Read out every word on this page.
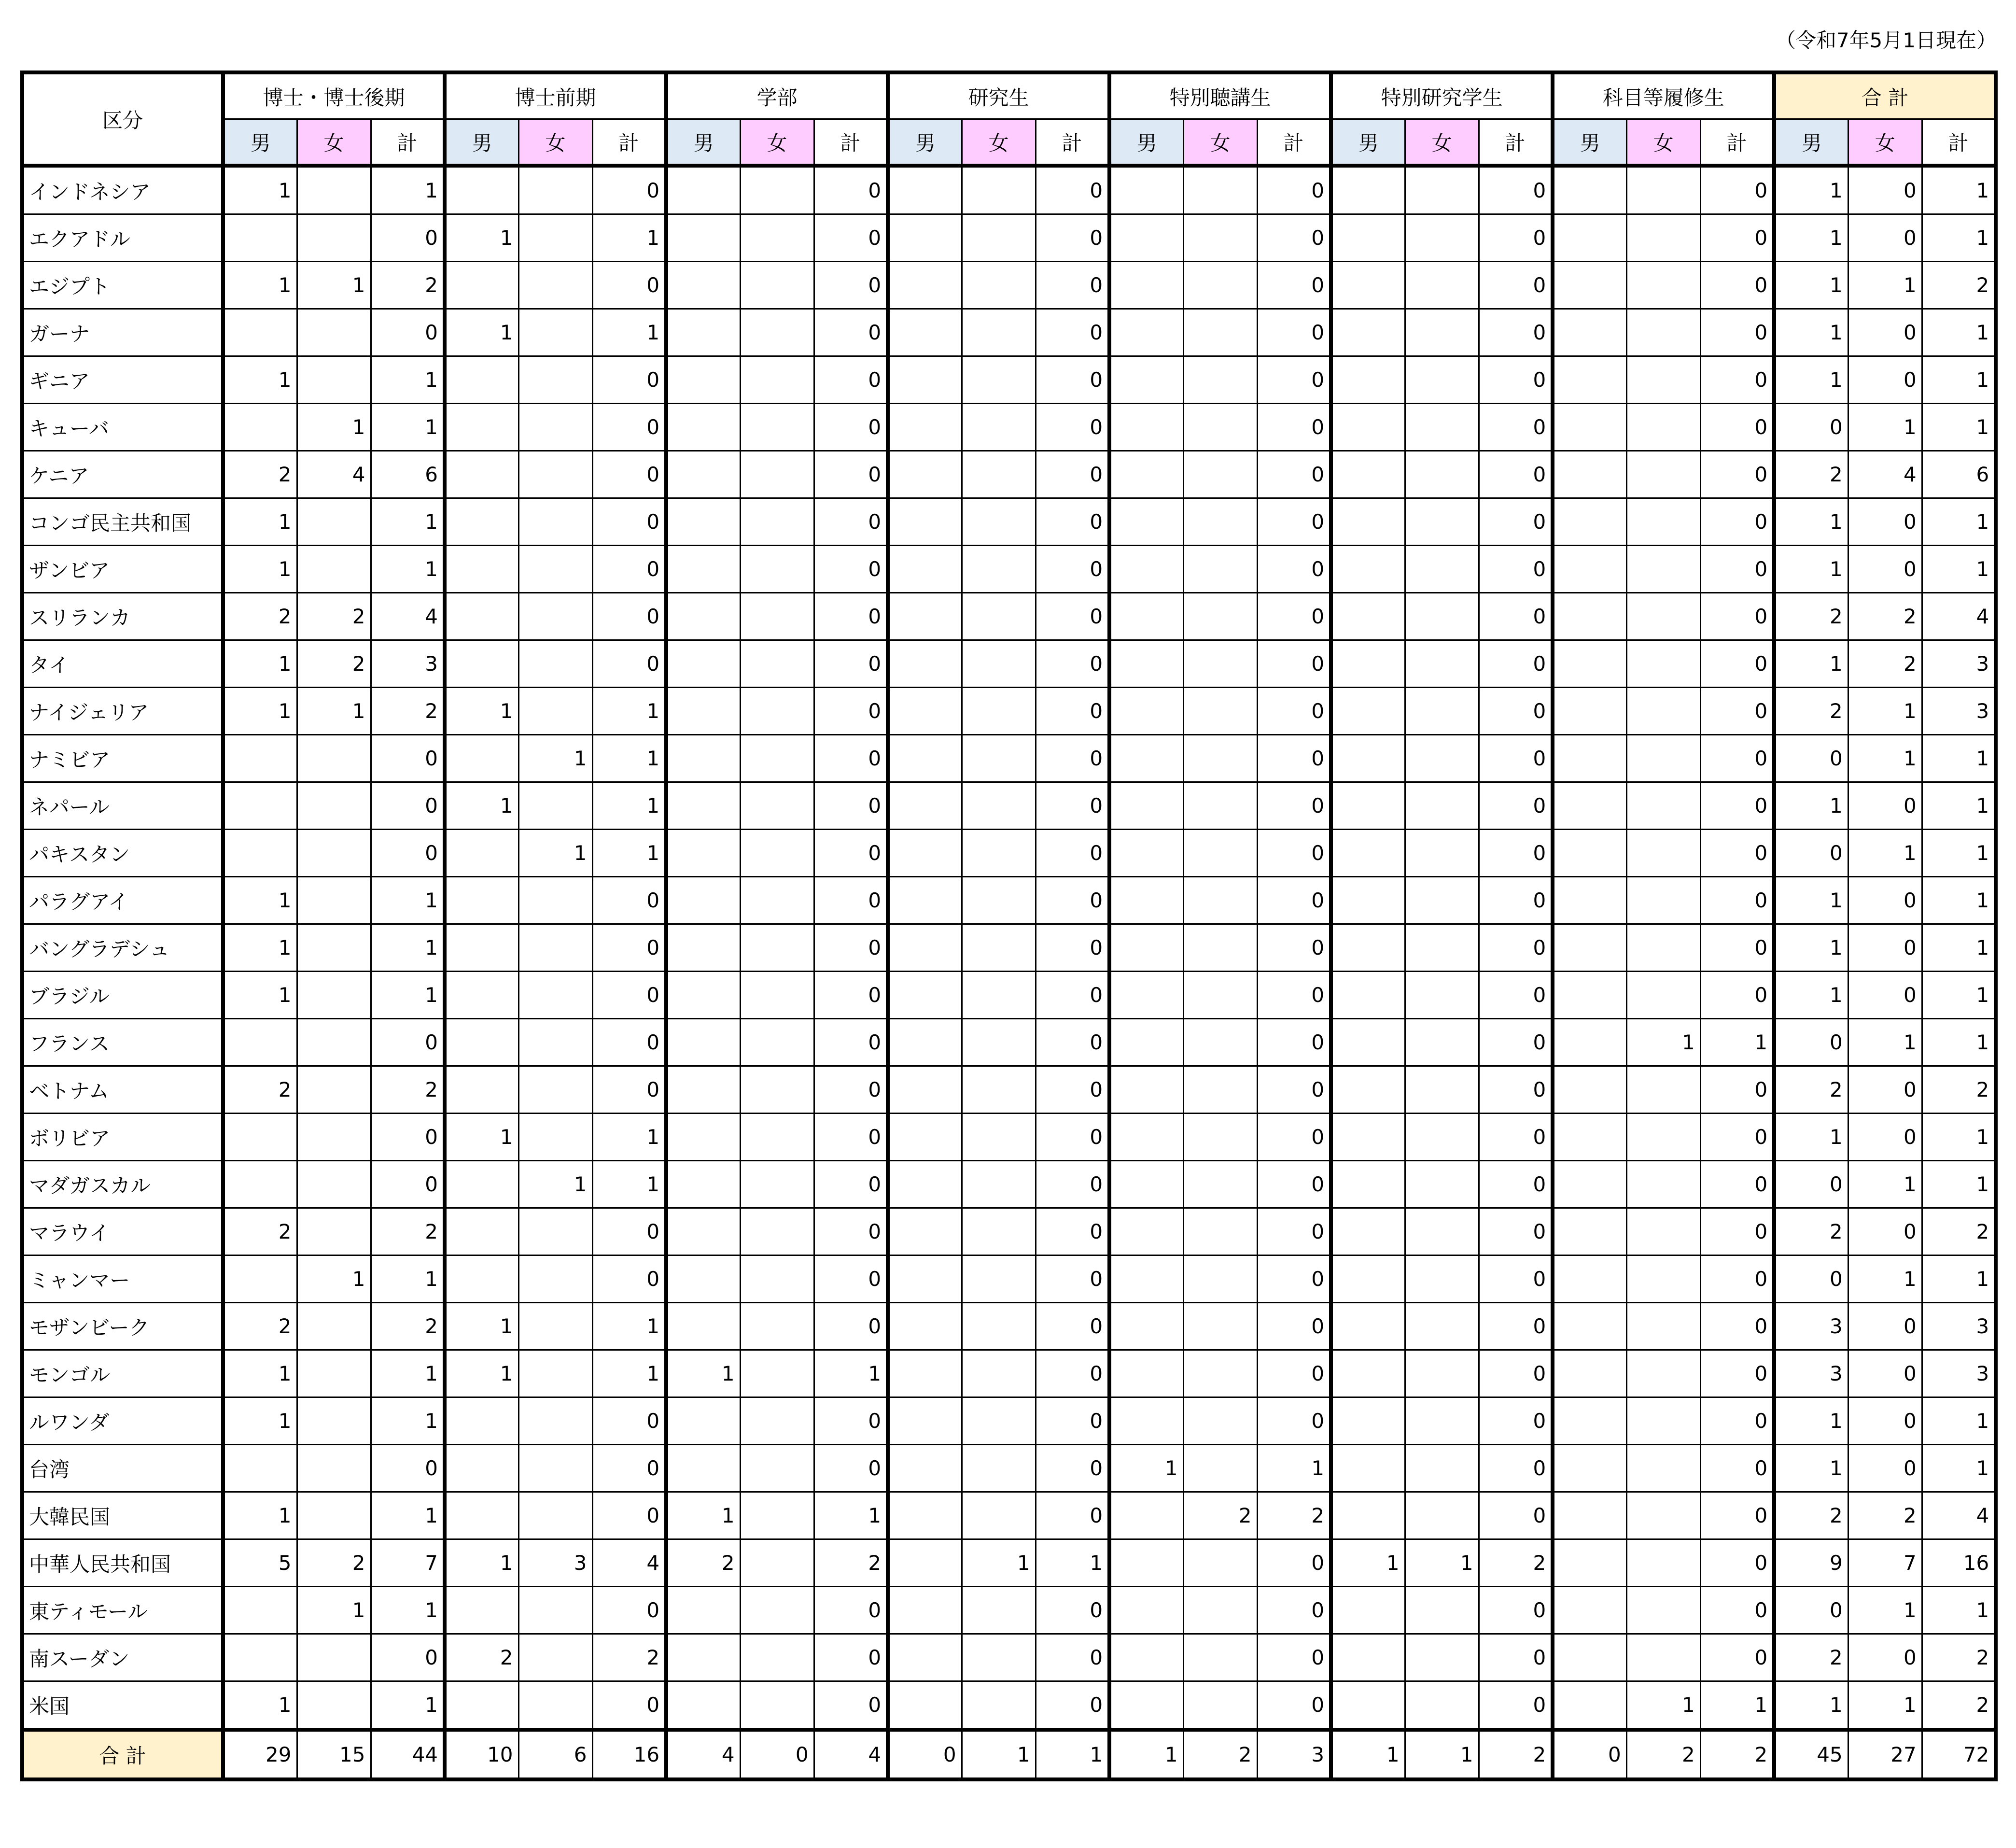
（令和7年5月1日現在）
区分	博士・博士後期			博士前期			学部			研究生			特別聴講生			特別研究学生			科目等履修生			合 計		
	男	女	計	男	女	計	男	女	計	男	女	計	男	女	計	男	女	計	男	女	計	男	女	計
インドネシア	1		1			0			0			0			0			0			0	1	0	1
エクアドル			0	1		1			0			0			0			0			0	1	0	1
エジプト	1	1	2			0			0			0			0			0			0	1	1	2
ガーナ			0	1		1			0			0			0			0			0	1	0	1
ギニア	1		1			0			0			0			0			0			0	1	0	1
キューバ		1	1			0			0			0			0			0			0	0	1	1
ケニア	2	4	6			0			0			0			0			0			0	2	4	6
コンゴ民主共和国	1		1			0			0			0			0			0			0	1	0	1
ザンビア	1		1			0			0			0			0			0			0	1	0	1
スリランカ	2	2	4			0			0			0			0			0			0	2	2	4
タイ	1	2	3			0			0			0			0			0			0	1	2	3
ナイジェリア	1	1	2	1		1			0			0			0			0			0	2	1	3
ナミビア			0		1	1			0			0			0			0			0	0	1	1
ネパール			0	1		1			0			0			0			0			0	1	0	1
パキスタン			0		1	1			0			0			0			0			0	0	1	1
パラグアイ	1		1			0			0			0			0			0			0	1	0	1
バングラデシュ	1		1			0			0			0			0			0			0	1	0	1
ブラジル	1		1			0			0			0			0			0			0	1	0	1
フランス			0			0			0			0			0			0		1	1	0	1	1
ベトナム	2		2			0			0			0			0			0			0	2	0	2
ボリビア			0	1		1			0			0			0			0			0	1	0	1
マダガスカル			0		1	1			0			0			0			0			0	0	1	1
マラウイ	2		2			0			0			0			0			0			0	2	0	2
ミャンマー		1	1			0			0			0			0			0			0	0	1	1
モザンビーク	2		2	1		1			0			0			0			0			0	3	0	3
モンゴル	1		1	1		1	1		1			0			0			0			0	3	0	3
ルワンダ	1		1			0			0			0			0			0			0	1	0	1
台湾			0			0			0			0	1		1			0			0	1	0	1
大韓民国	1		1			0	1		1			0		2	2			0			0	2	2	4
中華人民共和国	5	2	7	1	3	4	2		2		1	1			0	1	1	2			0	9	7	16
東ティモール		1	1			0			0			0			0			0			0	0	1	1
南スーダン			0	2		2			0			0			0			0			0	2	0	2
米国	1		1			0			0			0			0			0		1	1	1	1	2
合 計	29	15	44	10	6	16	4	0	4	0	1	1	1	2	3	1	1	2	0	2	2	45	27	72
